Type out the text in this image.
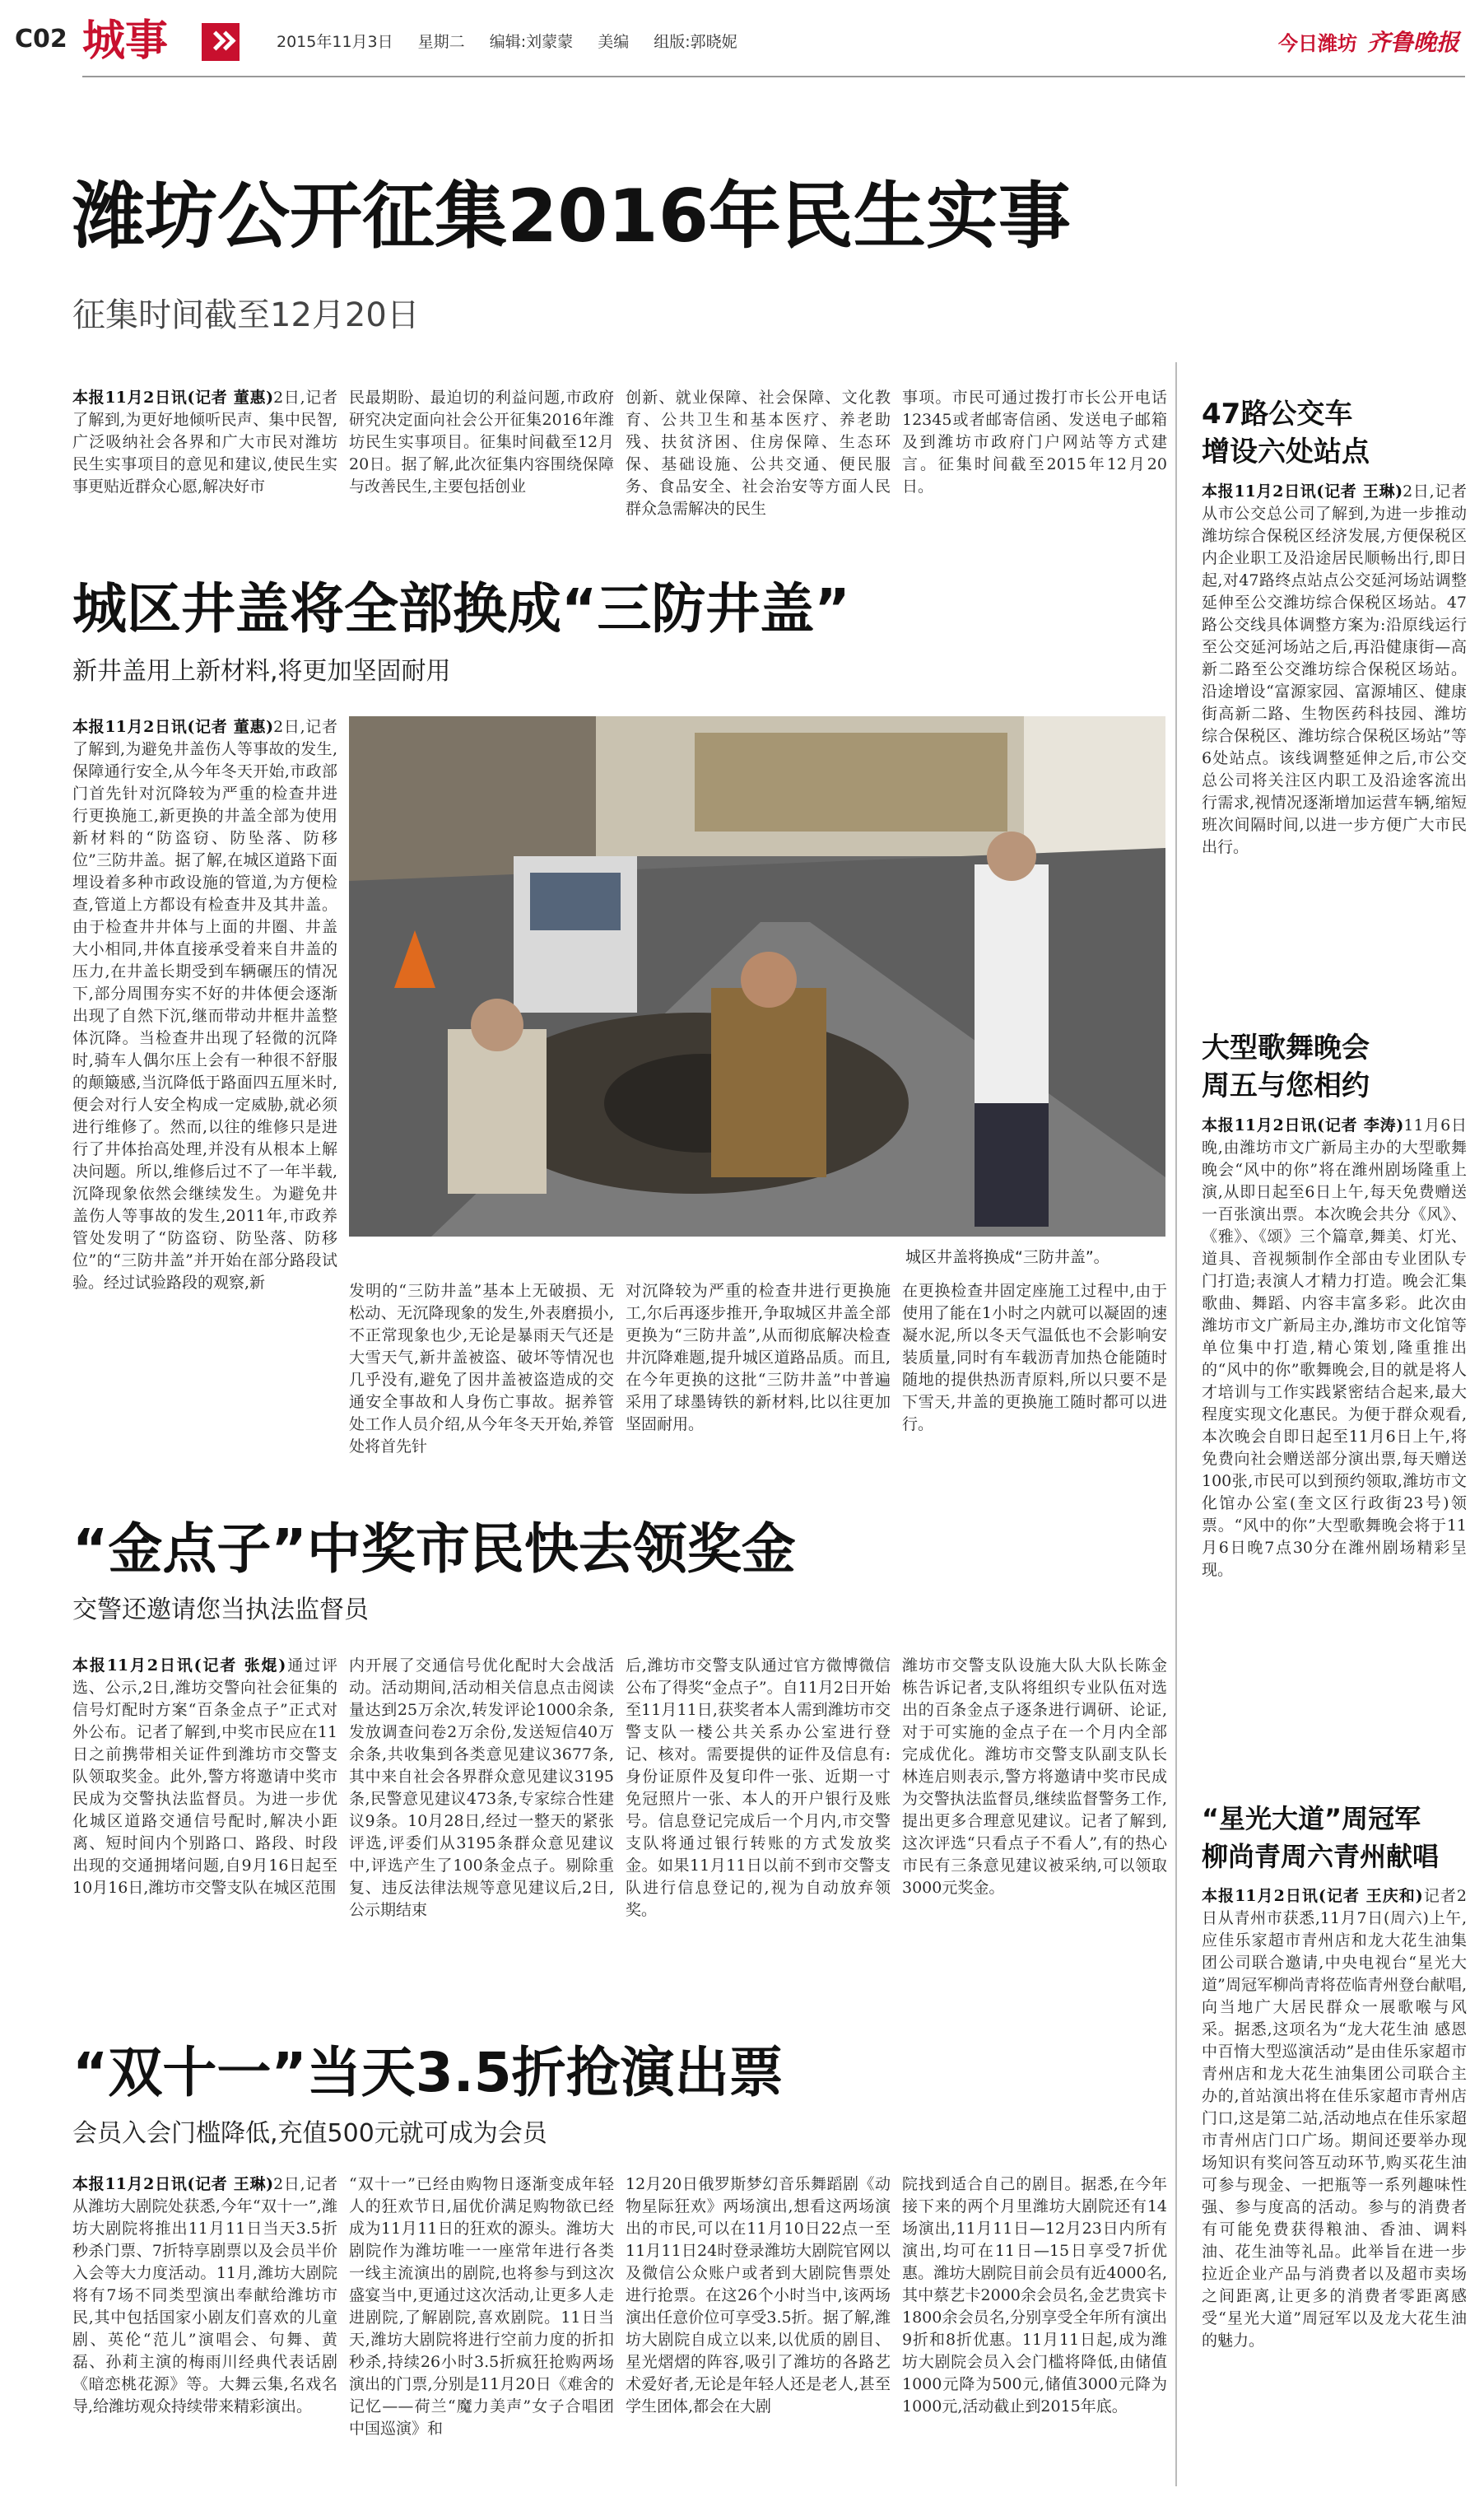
C02 城事	2015年11月3日 星期二 编辑:刘蒙蒙 美编 组版:郭晓妮	今日潍坊 齐鲁晚报
潍坊公开征集2016年民生实事
征集时间截至12月20日
本报11月2日讯(记者 董惠)2日,记者了解到,为更好地倾听民声、集中民智,广泛吸纳社会各界和广大市民对潍坊民生实事项目的意见和建议,使民生实事更贴近群众心愿,解决好市
民最期盼、最迫切的利益问题,市政府研究决定面向社会公开征集2016年潍坊民生实事项目。征集时间截至12月20日。据了解,此次征集内容围绕保障与改善民生,主要包括创业
创新、就业保障、社会保障、文化教育、公共卫生和基本医疗、养老助残、扶贫济困、住房保障、生态环保、基础设施、公共交通、便民服务、食品安全、社会治安等方面人民群众急需解决的民生
事项。市民可通过拨打市长公开电话12345或者邮寄信函、发送电子邮箱及到潍坊市政府门户网站等方式建言。征集时间截至2015年12月20日。
城区井盖将全部换成“三防井盖”
新井盖用上新材料,将更加坚固耐用
本报11月2日讯(记者 董惠)2日,记者了解到,为避免井盖伤人等事故的发生,保障通行安全,从今年冬天开始,市政部门首先针对沉降较为严重的检查井进行更换施工,新更换的井盖全部为使用新材料的“防盗窃、防坠落、防移位”三防井盖。据了解,在城区道路下面埋设着多种市政设施的管道,为方便检查,管道上方都设有检查井及其井盖。由于检查井井体与上面的井圈、井盖大小相同,井体直接承受着来自井盖的压力,在井盖长期受到车辆碾压的情况下,部分周围夯实不好的井体便会逐渐出现了自然下沉,继而带动井框井盖整体沉降。当检查井出现了轻微的沉降时,骑车人偶尔压上会有一种很不舒服的颠簸感,当沉降低于路面四五厘米时,便会对行人安全构成一定威胁,就必须进行维修了。然而,以往的维修只是进行了井体抬高处理,并没有从根本上解决问题。所以,维修后过不了一年半载,沉降现象依然会继续发生。为避免井盖伤人等事故的发生,2011年,市政养管处发明了“防盗窃、防坠落、防移位”的“三防井盖”并开始在部分路段试验。经过试验路段的观察,新
城区井盖将换成“三防井盖”。
发明的“三防井盖”基本上无破损、无松动、无沉降现象的发生,外表磨损小,不正常现象也少,无论是暴雨天气还是大雪天气,新井盖被盗、破坏等情况也几乎没有,避免了因井盖被盗造成的交通安全事故和人身伤亡事故。据养管处工作人员介绍,从今年冬天开始,养管处将首先针
对沉降较为严重的检查井进行更换施工,尔后再逐步推开,争取城区井盖全部更换为“三防井盖”,从而彻底解决检查井沉降难题,提升城区道路品质。而且,在今年更换的这批“三防井盖”中普遍采用了球墨铸铁的新材料,比以往更加坚固耐用。
在更换检查井固定座施工过程中,由于使用了能在1小时之内就可以凝固的速凝水泥,所以冬天气温低也不会影响安装质量,同时有车载沥青加热仓能随时随地的提供热沥青原料,所以只要不是下雪天,井盖的更换施工随时都可以进行。
“金点子”中奖市民快去领奖金
交警还邀请您当执法监督员
本报11月2日讯(记者 张焜)通过评选、公示,2日,潍坊交警向社会征集的信号灯配时方案“百条金点子”正式对外公布。记者了解到,中奖市民应在11日之前携带相关证件到潍坊市交警支队领取奖金。此外,警方将邀请中奖市民成为交警执法监督员。为进一步优化城区道路交通信号配时,解决小距离、短时间内个别路口、路段、时段出现的交通拥堵问题,自9月16日起至10月16日,潍坊市交警支队在城区范围
内开展了交通信号优化配时大会战活动。活动期间,活动相关信息点击阅读量达到25万余次,转发评论1000余条,发放调查问卷2万余份,发送短信40万余条,共收集到各类意见建议3677条,其中来自社会各界群众意见建议3195条,民警意见建议473条,专家综合性建议9条。10月28日,经过一整天的紧张评选,评委们从3195条群众意见建议中,评选产生了100条金点子。剔除重复、违反法律法规等意见建议后,2日,公示期结束
后,潍坊市交警支队通过官方微博微信公布了得奖“金点子”。自11月2日开始至11月11日,获奖者本人需到潍坊市交警支队一楼公共关系办公室进行登记、核对。需要提供的证件及信息有:身份证原件及复印件一张、近期一寸免冠照片一张、本人的开户银行及账号。信息登记完成后一个月内,市交警支队将通过银行转账的方式发放奖金。如果11月11日以前不到市交警支队进行信息登记的,视为自动放弃领奖。
潍坊市交警支队设施大队大队长陈金栋告诉记者,支队将组织专业队伍对选出的百条金点子逐条进行调研、论证,对于可实施的金点子在一个月内全部完成优化。潍坊市交警支队副支队长林连启则表示,警方将邀请中奖市民成为交警执法监督员,继续监督警务工作,提出更多合理意见建议。记者了解到,这次评选“只看点子不看人”,有的热心市民有三条意见建议被采纳,可以领取3000元奖金。
“双十一”当天3.5折抢演出票
会员入会门槛降低,充值500元就可成为会员
本报11月2日讯(记者 王琳)2日,记者从潍坊大剧院处获悉,今年“双十一”,潍坊大剧院将推出11月11日当天3.5折秒杀门票、7折特享剧票以及会员半价入会等大力度活动。11月,潍坊大剧院将有7场不同类型演出奉献给潍坊市民,其中包括国家小剧友们喜欢的儿童剧、英伦“范儿”演唱会、句舞、黄磊、孙莉主演的梅雨川经典代表话剧《暗恋桃花源》等。大舞云集,名戏名导,给潍坊观众持续带来精彩演出。
“双十一”已经由购物日逐渐变成年轻人的狂欢节日,届优价满足购物欲已经成为11月11日的狂欢的源头。潍坊大剧院作为潍坊唯一一座常年进行各类一线主流演出的剧院,也将参与到这次盛宴当中,更通过这次活动,让更多人走进剧院,了解剧院,喜欢剧院。11日当天,潍坊大剧院将进行空前力度的折扣秒杀,持续26小时3.5折疯狂抢购两场演出的门票,分别是11月20日《难舍的记忆——荷兰“魔力美声”女子合唱团中国巡演》和
12月20日俄罗斯梦幻音乐舞蹈剧《动物星际狂欢》两场演出,想看这两场演出的市民,可以在11月10日22点一至11月11日24时登录潍坊大剧院官网以及微信公众账户或者到大剧院售票处进行抢票。在这26个小时当中,该两场演出任意价位可享受3.5折。据了解,潍坊大剧院自成立以来,以优质的剧目、星光熠熠的阵容,吸引了潍坊的各路艺术爱好者,无论是年轻人还是老人,甚至学生团体,都会在大剧
院找到适合自己的剧目。据悉,在今年接下来的两个月里潍坊大剧院还有14场演出,11月11日—12月23日内所有演出,均可在11日—15日享受7折优惠。潍坊大剧院目前会员有近4000名,其中蔡艺卡2000余会员名,金艺贵宾卡1800余会员名,分别享受全年所有演出9折和8折优惠。11月11日起,成为潍坊大剧院会员入会门槛将降低,由储值1000元降为500元,储值3000元降为1000元,活动截止到2015年底。
47路公交车
增设六处站点
本报11月2日讯(记者 王琳)2日,记者从市公交总公司了解到,为进一步推动潍坊综合保税区经济发展,方便保税区内企业职工及沿途居民顺畅出行,即日起,对47路终点站点公交延河场站调整延伸至公交潍坊综合保税区场站。47路公交线具体调整方案为:沿原线运行至公交延河场站之后,再沿健康街—高新二路至公交潍坊综合保税区场站。沿途增设“富源家园、富源埔区、健康街高新二路、生物医药科技园、潍坊综合保税区、潍坊综合保税区场站”等6处站点。该线调整延伸之后,市公交总公司将关注区内职工及沿途客流出行需求,视情况逐渐增加运营车辆,缩短班次间隔时间,以进一步方便广大市民出行。
大型歌舞晚会
周五与您相约
本报11月2日讯(记者 李涛)11月6日晚,由潍坊市文广新局主办的大型歌舞晚会“风中的你”将在潍州剧场隆重上演,从即日起至6日上午,每天免费赠送一百张演出票。本次晚会共分《风》、《雅》、《颂》三个篇章,舞美、灯光、道具、音视频制作全部由专业团队专门打造;表演人才精力打造。晚会汇集歌曲、舞蹈、内容丰富多彩。此次由潍坊市文广新局主办,潍坊市文化馆等单位集中打造,精心策划,隆重推出的“风中的你”歌舞晚会,目的就是将人才培训与工作实践紧密结合起来,最大程度实现文化惠民。为便于群众观看,本次晚会自即日起至11月6日上午,将免费向社会赠送部分演出票,每天赠送100张,市民可以到预约领取,潍坊市文化馆办公室(奎文区行政街23号)领票。“风中的你”大型歌舞晚会将于11月6日晚7点30分在潍州剧场精彩呈现。
“星光大道”周冠军
柳尚青周六青州献唱
本报11月2日讯(记者 王庆和)记者2日从青州市获悉,11月7日(周六)上午,应佳乐家超市青州店和龙大花生油集团公司联合邀请,中央电视台“星光大道”周冠军柳尚青将莅临青州登台献唱,向当地广大居民群众一展歌喉与风采。据悉,这项名为“龙大花生油 感恩中百惰大型巡演活动”是由佳乐家超市青州店和龙大花生油集团公司联合主办的,首站演出将在佳乐家超市青州店门口,这是第二站,活动地点在佳乐家超市青州店门口广场。期间还要举办现场知识有奖问答互动环节,购买花生油可参与现金、一把瓶等一系列趣味性强、参与度高的活动。参与的消费者有可能免费获得粮油、香油、调料油、花生油等礼品。此举旨在进一步拉近企业产品与消费者以及超市卖场之间距离,让更多的消费者零距离感受“星光大道”周冠军以及龙大花生油的魅力。
